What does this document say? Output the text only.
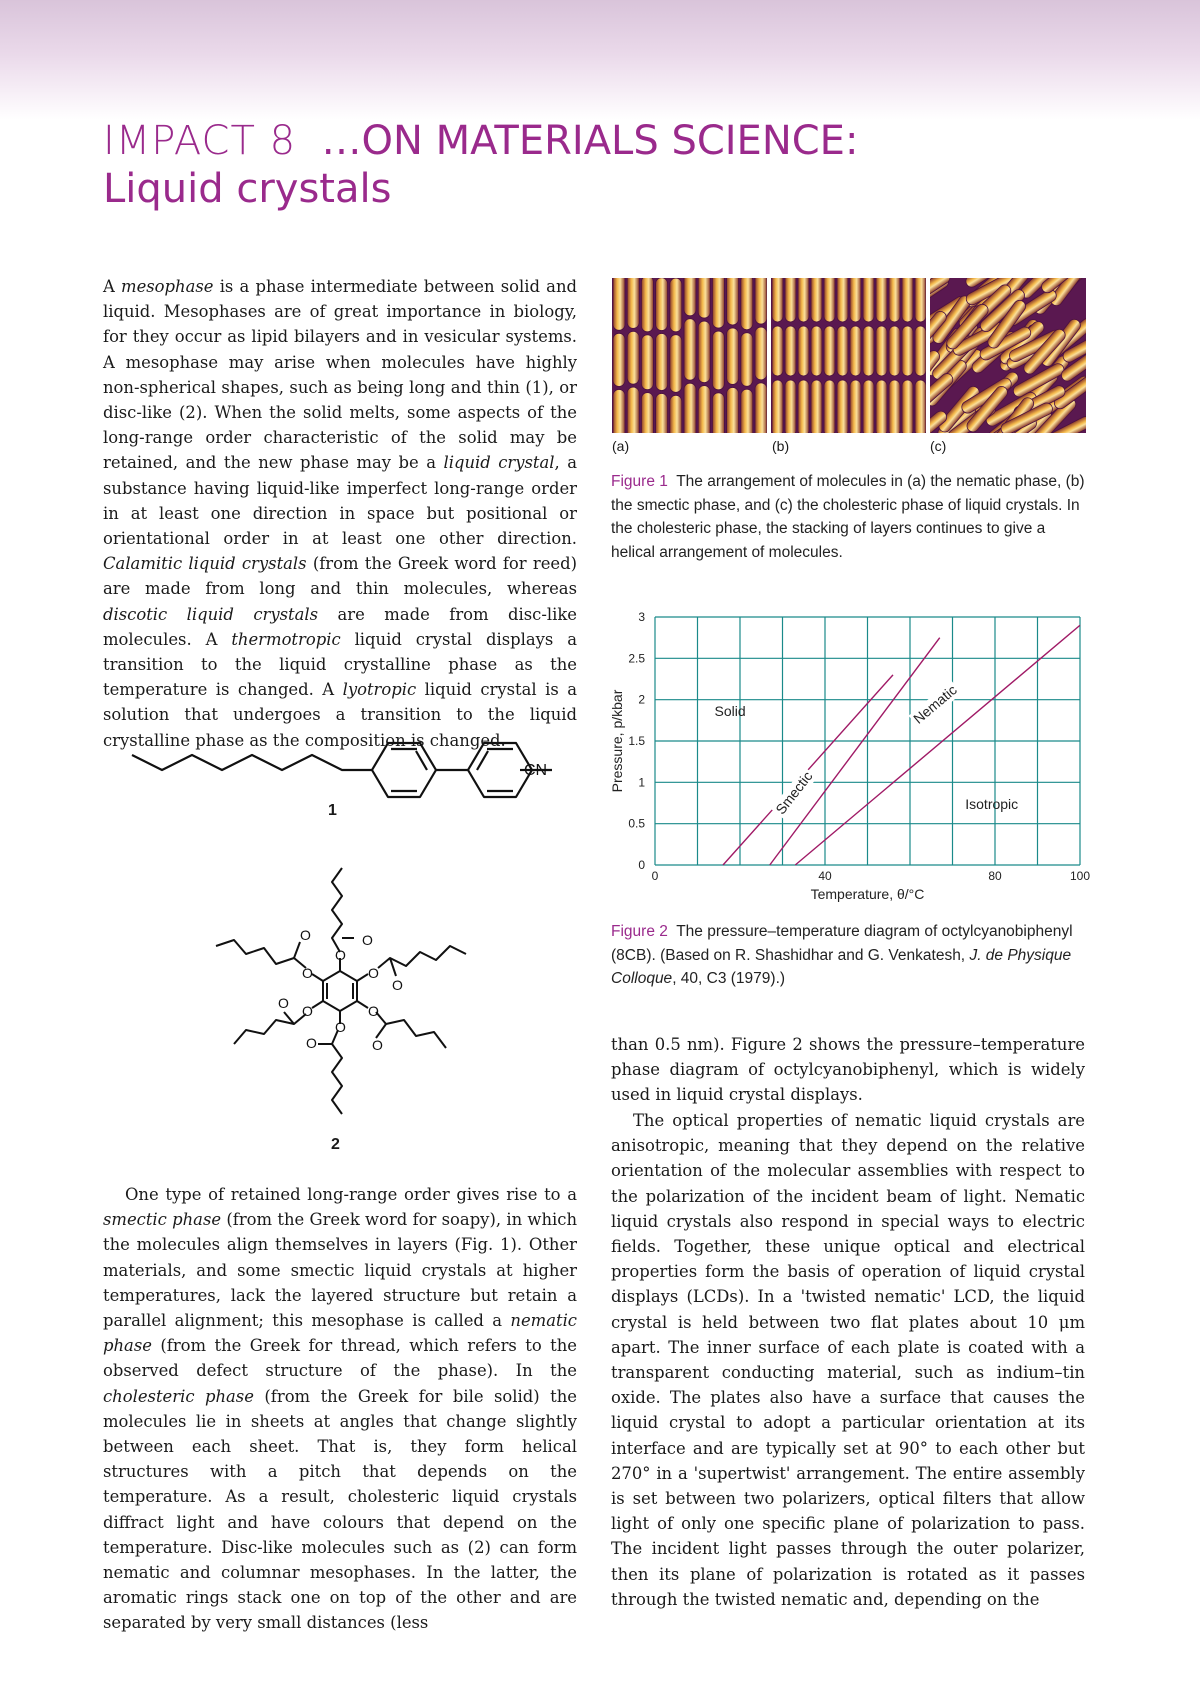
IMPACT 8 …ON MATERIALS SCIENCE:
Liquid crystals

A mesophase is a phase intermediate between solid and liquid. Mesophases are of great importance in biology, for they occur as lipid bilayers and in vesicular systems. A mesophase may arise when molecules have highly non-spherical shapes, such as being long and thin (1), or disc-like (2). When the solid melts, some aspects of the long-range order characteristic of the solid may be retained, and the new phase may be a liquid crystal, a substance having liquid-like imperfect long-range order in at least one direction in space but positional or orientational order in at least one other direction. Calamitic liquid crystals (from the Greek word for reed) are made from long and thin molecules, whereas discotic liquid crystals are made from disc-like molecules. A thermotropic liquid crystal displays a transition to the liquid crystalline phase as the temperature is changed. A lyotropic liquid crystal is a solution that undergoes a transition to the liquid crystalline phase as the composition is changed.

One type of retained long-range order gives rise to a smectic phase (from the Greek word for soapy), in which the molecules align themselves in layers (Fig. 1). Other materials, and some smectic liquid crystals at higher temperatures, lack the layered structure but retain a parallel alignment; this mesophase is called a nematic phase (from the Greek for thread, which refers to the observed defect structure of the phase). In the cholesteric phase (from the Greek for bile solid) the molecules lie in sheets at angles that change slightly between each sheet. That is, they form helical structures with a pitch that depends on the temperature. As a result, cholesteric liquid crystals diffract light and have colours that depend on the temperature. Disc-like molecules such as (2) can form nematic and columnar mesophases. In the latter, the aromatic rings stack one on top of the other and are separated by very small distances (less

CN
1
O
O
O
O
O
O
O
O
O
O
O
O
2
(a)	(b)	(c)
Figure 1 The arrangement of molecules in (a) the nematic phase, (b) the smectic phase, and (c) the cholesteric phase of liquid crystals. In the cholesteric phase, the stacking of layers continues to give a helical arrangement of molecules.
0
0.5
1
1.5
2
2.5
3
0	40	80	100
Temperature, θ/°C
Pressure, p/kbar	Solid
Smectic
Nematic
Isotropic
Figure 2 The pressure–temperature diagram of octylcyanobiphenyl (8CB). (Based on R. Shashidhar and G. Venkatesh, J. de Physique Colloque, 40, C3 (1979).)

than 0.5 nm). Figure 2 shows the pressure–temperature phase diagram of octylcyanobiphenyl, which is widely used in liquid crystal displays.

The optical properties of nematic liquid crystals are anisotropic, meaning that they depend on the relative orientation of the molecular assemblies with respect to the polarization of the incident beam of light. Nematic liquid crystals also respond in special ways to electric fields. Together, these unique optical and electrical properties form the basis of operation of liquid crystal displays (LCDs). In a 'twisted nematic' LCD, the liquid crystal is held between two flat plates about 10 μm apart. The inner surface of each plate is coated with a transparent conducting material, such as indium–tin oxide. The plates also have a surface that causes the liquid crystal to adopt a particular orientation at its interface and are typically set at 90° to each other but 270° in a 'supertwist' arrangement. The entire assembly is set between two polarizers, optical filters that allow light of only one specific plane of polarization to pass. The incident light passes through the outer polarizer, then its plane of polarization is rotated as it passes through the twisted nematic and, depending on the
